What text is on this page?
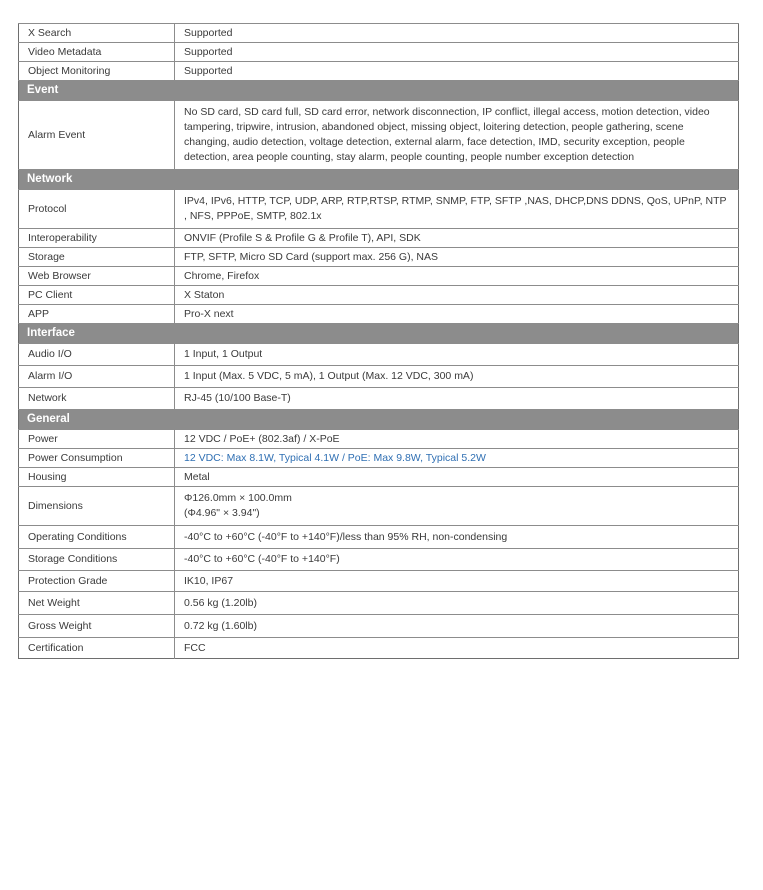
X Search	Supported
Video Metadata	Supported
Object Monitoring	Supported
Event	
Alarm Event	No SD card, SD card full, SD card error, network disconnection, IP conflict, illegal access, motion detection, video tampering, tripwire, intrusion, abandoned object, missing object, loitering detection, people gathering, scene changing, audio detection, voltage detection, external alarm, face detection, IMD, security exception, people detection, area people counting, stay alarm, people counting, people number exception detection
Network	
Protocol	IPv4, IPv6, HTTP, TCP, UDP, ARP, RTP,RTSP, RTMP, SNMP, FTP, SFTP ,NAS, DHCP,DNS DDNS, QoS, UPnP, NTP , NFS, PPPoE, SMTP, 802.1x
Interoperability	ONVIF (Profile S & Profile G & Profile T), API, SDK
Storage	FTP, SFTP, Micro SD Card (support max. 256 G), NAS
Web Browser	Chrome, Firefox
PC Client	X Staton
APP	Pro-X next
Interface	
Audio I/O	1 Input, 1 Output
Alarm I/O	1 Input (Max. 5 VDC, 5 mA), 1 Output (Max. 12 VDC, 300 mA)
Network	RJ-45 (10/100 Base-T)
General	
Power	12 VDC / PoE+ (802.3af) / X-PoE
Power Consumption	12 VDC: Max 8.1W, Typical 4.1W / PoE: Max 9.8W, Typical 5.2W
Housing	Metal
Dimensions	Φ126.0mm × 100.0mm
(Φ4.96" × 3.94")

Operating Conditions	-40°C to +60°C (-40°F to +140°F)/less than 95% RH, non-condensing
Storage Conditions	-40°C to +60°C (-40°F to +140°F)
Protection Grade	IK10, IP67
Net Weight	0.56 kg (1.20lb)
Gross Weight	0.72 kg (1.60lb)
Certification	FCC
